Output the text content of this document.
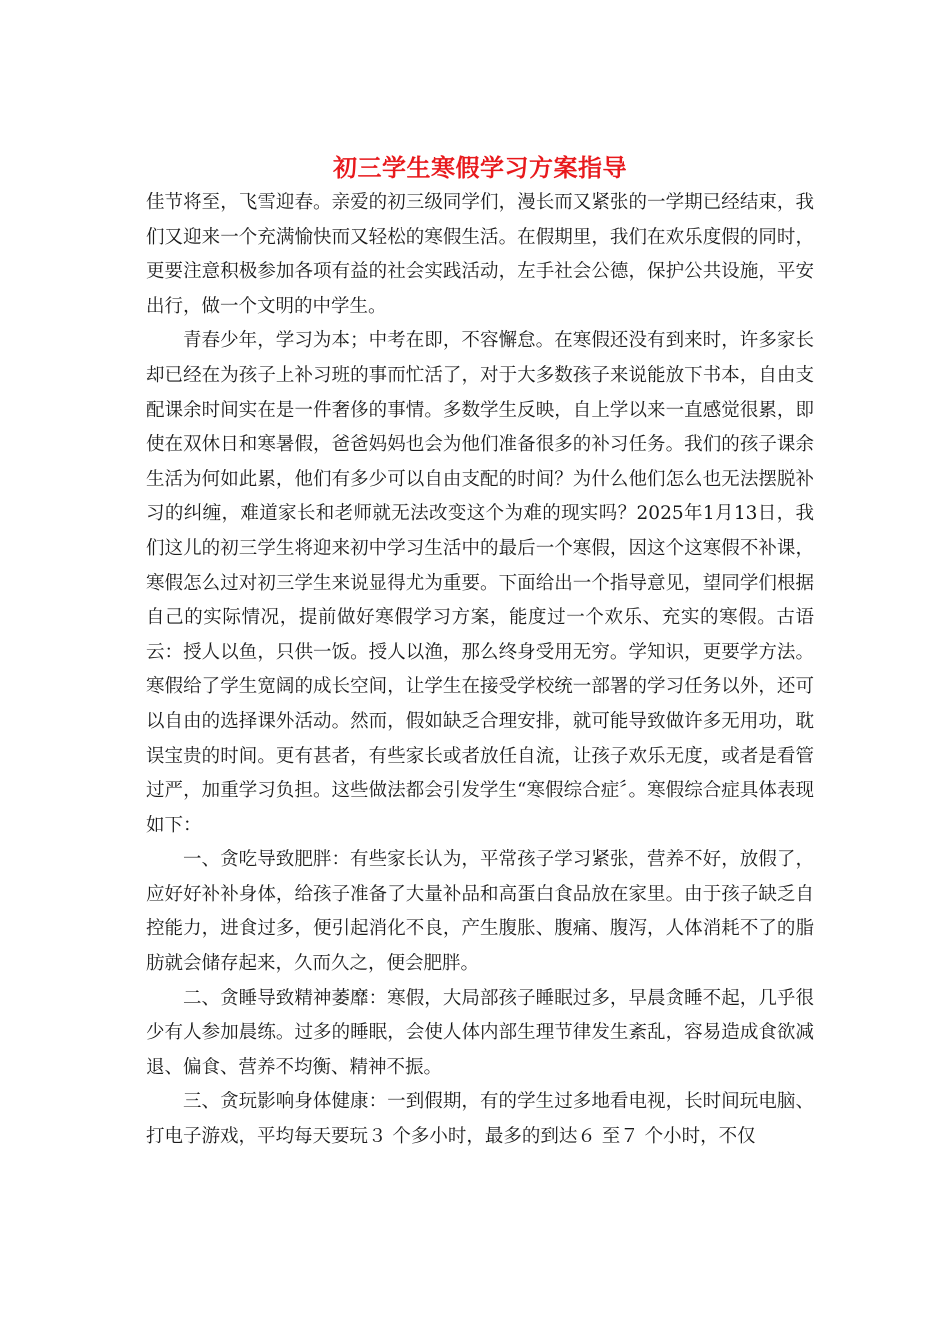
初三学生寒假学习方案指导

佳节将至，飞雪迎春。亲爱的初三级同学们，漫长而又紧张的一学期已经结束，我们又迎来一个充满愉快而又轻松的寒假生活。在假期里，我们在欢乐度假的同时，更要注意积极参加各项有益的社会实践活动，左手社会公德，保护公共设施，平安出行，做一个文明的中学生。

青春少年，学习为本；中考在即，不容懈怠。在寒假还没有到来时，许多家长却已经在为孩子上补习班的事而忙活了，对于大多数孩子来说能放下书本，自由支配课余时间实在是一件奢侈的事情。多数学生反映，自上学以来一直感觉很累，即使在双休日和寒暑假，爸爸妈妈也会为他们准备很多的补习任务。我们的孩子课余生活为何如此累，他们有多少可以自由支配的时间？为什么他们怎么也无法摆脱补习的纠缠，难道家长和老师就无法改变这个为难的现实吗？2025年1月13日，我们这儿的初三学生将迎来初中学习生活中的最后一个寒假，因这个这寒假不补课，寒假怎么过对初三学生来说显得尤为重要。下面给出一个指导意见，望同学们根据自己的实际情况，提前做好寒假学习方案，能度过一个欢乐、充实的寒假。古语云：授人以鱼，只供一饭。授人以渔，那么终身受用无穷。学知识，更要学方法。寒假给了学生宽阔的成长空间，让学生在接受学校统一部署的学习任务以外，还可以自由的选择课外活动。然而，假如缺乏合理安排，就可能导致做许多无用功，耽误宝贵的时间。更有甚者，有些家长或者放任自流，让孩子欢乐无度，或者是看管过严，加重学习负担。这些做法都会引发学生“寒假综合症〞。寒假综合症具体表现如下：

一、贪吃导致肥胖：有些家长认为，平常孩子学习紧张，营养不好，放假了，应好好补补身体，给孩子准备了大量补品和高蛋白食品放在家里。由于孩子缺乏自控能力，进食过多，便引起消化不良，产生腹胀、腹痛、腹泻，人体消耗不了的脂肪就会储存起来，久而久之，便会肥胖。

二、贪睡导致精神萎靡：寒假，大局部孩子睡眠过多，早晨贪睡不起，几乎很少有人参加晨练。过多的睡眠，会使人体内部生理节律发生紊乱，容易造成食欲减退、偏食、营养不均衡、精神不振。

三、贪玩影响身体健康：一到假期，有的学生过多地看电视，长时间玩电脑、打电子游戏，平均每天要玩３ 个多小时，最多的到达６ 至７ 个小时，不仅
